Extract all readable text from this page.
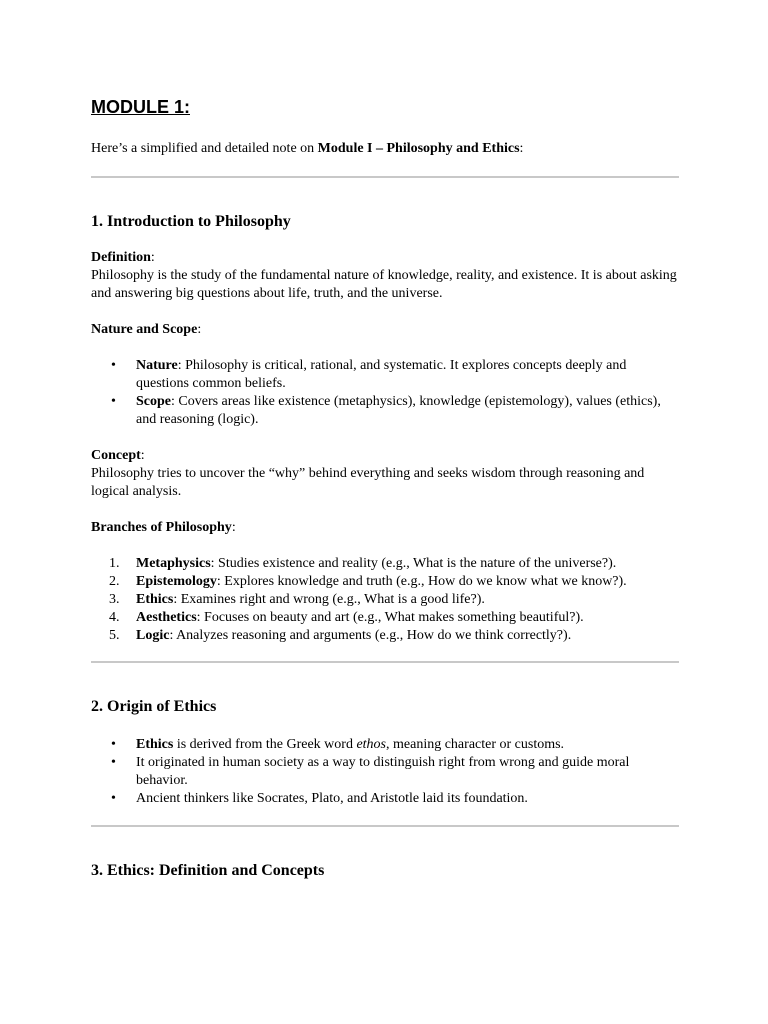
MODULE 1:
Here’s a simplified and detailed note on Module I – Philosophy and Ethics:
1. Introduction to Philosophy
Definition:
Philosophy is the study of the fundamental nature of knowledge, reality, and existence. It is about asking and answering big questions about life, truth, and the universe.
Nature and Scope:
• Nature: Philosophy is critical, rational, and systematic. It explores concepts deeply and questions common beliefs.
• Scope: Covers areas like existence (metaphysics), knowledge (epistemology), values (ethics), and reasoning (logic).
Concept:
Philosophy tries to uncover the “why” behind everything and seeks wisdom through reasoning and logical analysis.
Branches of Philosophy:
1.	Metaphysics: Studies existence and reality (e.g., What is the nature of the universe?).
2.	Epistemology: Explores knowledge and truth (e.g., How do we know what we know?).
3.	Ethics: Examines right and wrong (e.g., What is a good life?).
4.	Aesthetics: Focuses on beauty and art (e.g., What makes something beautiful?).
5.	Logic: Analyzes reasoning and arguments (e.g., How do we think correctly?).
2. Origin of Ethics
• Ethics is derived from the Greek word ethos, meaning character or customs.
• It originated in human society as a way to distinguish right from wrong and guide moral behavior.
• Ancient thinkers like Socrates, Plato, and Aristotle laid its foundation.
3. Ethics: Definition and Concepts
